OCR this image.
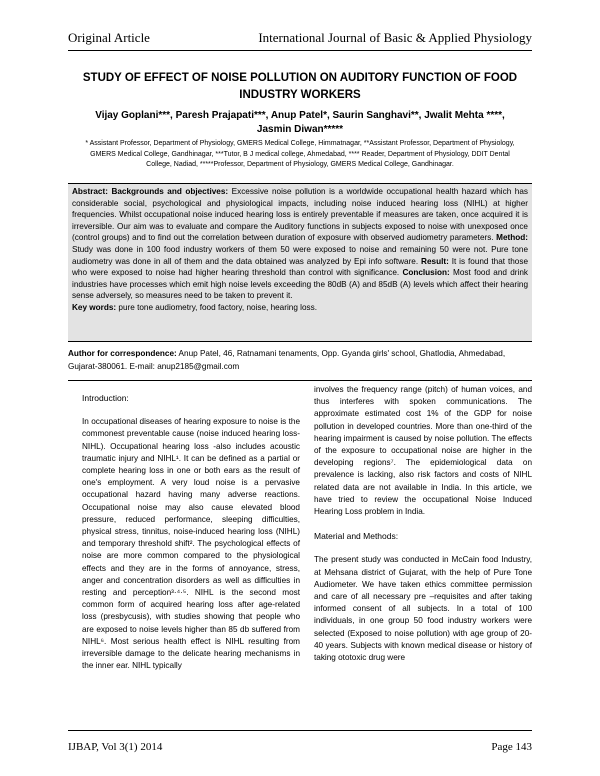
Original Article	International Journal of Basic & Applied Physiology
STUDY OF EFFECT OF NOISE POLLUTION ON AUDITORY FUNCTION OF FOOD INDUSTRY WORKERS
Vijay Goplani***, Paresh Prajapati***, Anup Patel*, Saurin Sanghavi**, Jwalit Mehta ****, Jasmin Diwan*****
* Assistant Professor, Department of Physiology, GMERS Medical College, Himmatnagar, **Assistant Professor, Department of Physiology, GMERS Medical College, Gandhinagar, ***Tutor, B J medical college, Ahmedabad, **** Reader, Department of Physiology, DDIT Dental College, Nadiad, *****Professor, Department of Physiology, GMERS Medical College, Gandhinagar.
Abstract: Backgrounds and objectives: Excessive noise pollution is a worldwide occupational health hazard which has considerable social, psychological and physiological impacts, including noise induced hearing loss (NIHL) at higher frequencies. Whilst occupational noise induced hearing loss is entirely preventable if measures are taken, once acquired it is irreversible. Our aim was to evaluate and compare the Auditory functions in subjects exposed to noise with unexposed once (control groups) and to find out the correlation between duration of exposure with observed audiometry parameters. Method: Study was done in 100 food industry workers of them 50 were exposed to noise and remaining 50 were not. Pure tone audiometry was done in all of them and the data obtained was analyzed by Epi info software. Result: It is found that those who were exposed to noise had higher hearing threshold than control with significance. Conclusion: Most food and drink industries have processes which emit high noise levels exceeding the 80dB (A) and 85dB (A) levels which affect their hearing sense adversely, so measures need to be taken to prevent it.
Key words: pure tone audiometry, food factory, noise, hearing loss.
Author for correspondence: Anup Patel, 46, Ratnamani tenaments, Opp. Gyanda girls' school, Ghatlodia, Ahmedabad, Gujarat-380061. E-mail: anup2185@gmail.com
Introduction:

In occupational diseases of hearing exposure to noise is the commonest preventable cause (noise induced hearing loss-NIHL). Occupational hearing loss -also includes acoustic traumatic injury and NIHL¹. It can be defined as a partial or complete hearing loss in one or both ears as the result of one's employment. A very loud noise is a pervasive occupational hazard having many adverse reactions. Occupational noise may also cause elevated blood pressure, reduced performance, sleeping difficulties, physical stress, tinnitus, noise-induced hearing loss (NIHL) and temporary threshold shift². The psychological effects of noise are more common compared to the physiological effects and they are in the forms of annoyance, stress, anger and concentration disorders as well as difficulties in resting and perception³·⁴·⁵. NIHL is the second most common form of acquired hearing loss after age-related loss (presbycusis), with studies showing that people who are exposed to noise levels higher than 85 db suffered from NIHL⁶. Most serious health effect is NIHL resulting from irreversible damage to the delicate hearing mechanisms in the inner ear. NIHL typically

involves the frequency range (pitch) of human voices, and thus interferes with spoken communications. The approximate estimated cost 1% of the GDP for noise pollution in developed countries. More than one-third of the hearing impairment is caused by noise pollution. The effects of the exposure to occupational noise are higher in the developing regions⁷. The epidemiological data on prevalence is lacking, also risk factors and costs of NIHL related data are not available in India. In this article, we have tried to review the occupational Noise Induced Hearing Loss problem in India.

Material and Methods:

The present study was conducted in McCain food Industry, at Mehsana district of Gujarat, with the help of Pure Tone Audiometer. We have taken ethics committee permission and care of all necessary pre –requisites and after taking informed consent of all subjects. In a total of 100 individuals, in one group 50 food industry workers were selected (Exposed to noise pollution) with age group of 20-40 years. Subjects with known medical disease or history of taking ototoxic drug were

IJBAP, Vol 3(1) 2014	Page 143
